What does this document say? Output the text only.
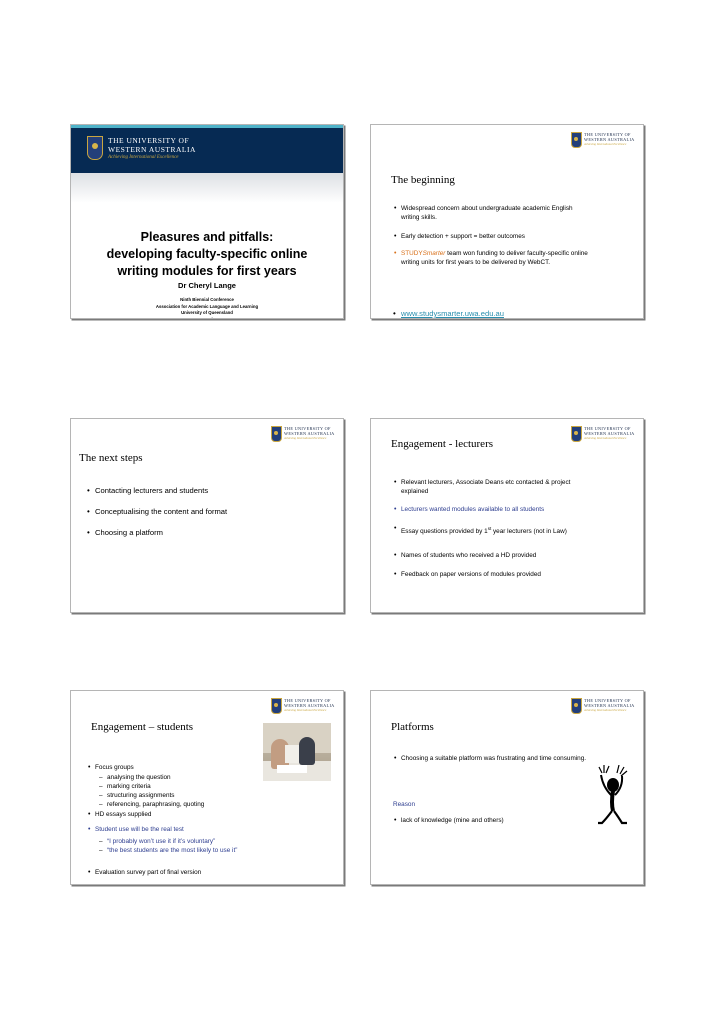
THE UNIVERSITY OF
WESTERN AUSTRALIA
Achieving International Excellence
Pleasures and pitfalls:
developing faculty-specific online
writing modules for first years
Dr Cheryl Lange
Ninth Biennial Conference
Association for Academic Language and Learning
University of Queensland
25-27 November 2009
THE UNIVERSITY OF
WESTERN AUSTRALIA
Achieving International Excellence
The beginning
• Widespread concern about undergraduate academic English writing skills.
• Early detection + support = better outcomes
• STUDYSmarter team won funding to deliver faculty-specific online writing units for first years to be delivered by WebCT.
• www.studysmarter.uwa.edu.au
THE UNIVERSITY OF
WESTERN AUSTRALIA
Achieving International Excellence
The next steps
• Contacting lecturers and students
• Conceptualising the content and format
• Choosing a platform
THE UNIVERSITY OF
WESTERN AUSTRALIA
Achieving International Excellence
Engagement - lecturers
• Relevant lecturers, Associate Deans etc contacted & project explained
• Lecturers wanted modules available to all students
• Essay questions provided by 1st year lecturers (not in Law)
• Names of students who received a HD provided
• Feedback on paper versions of modules provided
THE UNIVERSITY OF
WESTERN AUSTRALIA
Achieving International Excellence
Engagement – students
• Focus groups
– analysing the question
– marking criteria
– structuring assignments
– referencing, paraphrasing, quoting
• HD essays supplied
• Student use will be the real test
– “I probably won’t use it if it’s voluntary”
– “the best students are the most likely to use it”
• Evaluation survey part of final version
THE UNIVERSITY OF
WESTERN AUSTRALIA
Achieving International Excellence
Platforms
• Choosing a suitable platform was frustrating and time consuming.
Reason
• lack of knowledge (mine and others)
